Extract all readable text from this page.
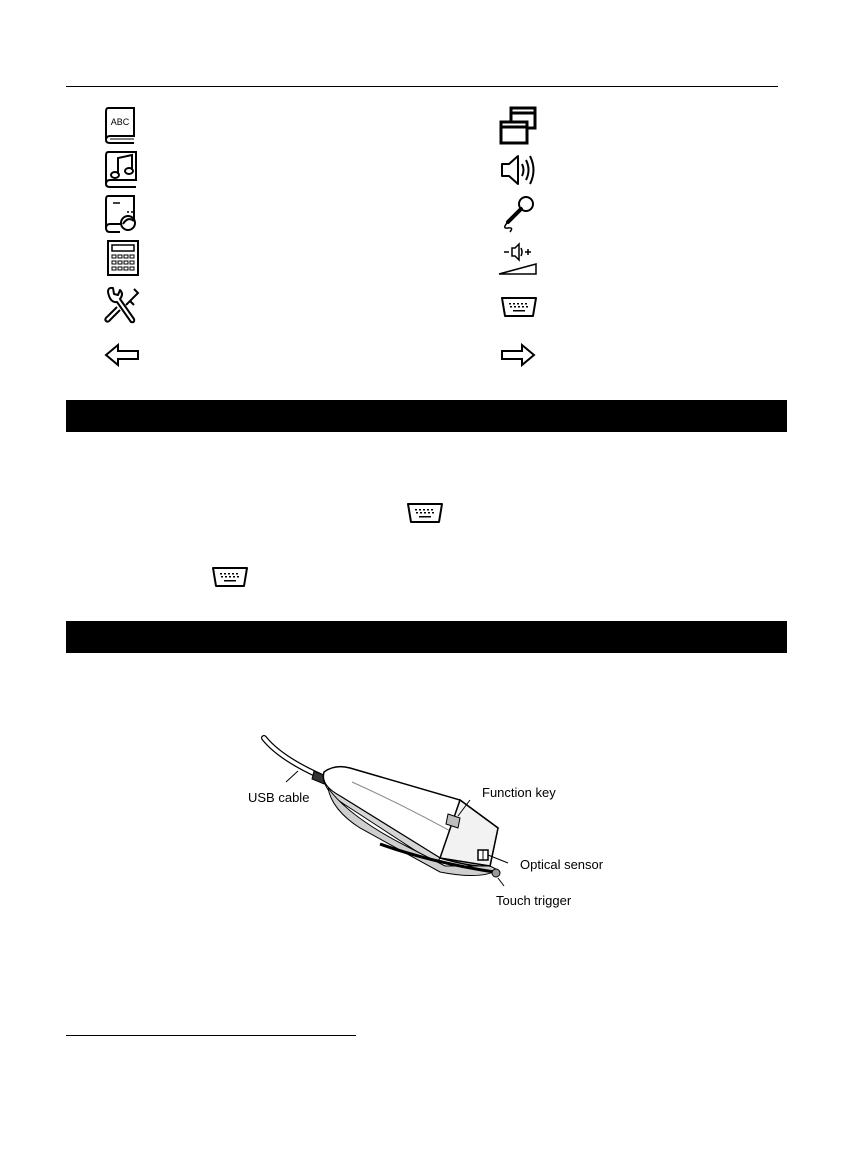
ABC
USB cable	Function key
Optical sensor
Touch trigger
